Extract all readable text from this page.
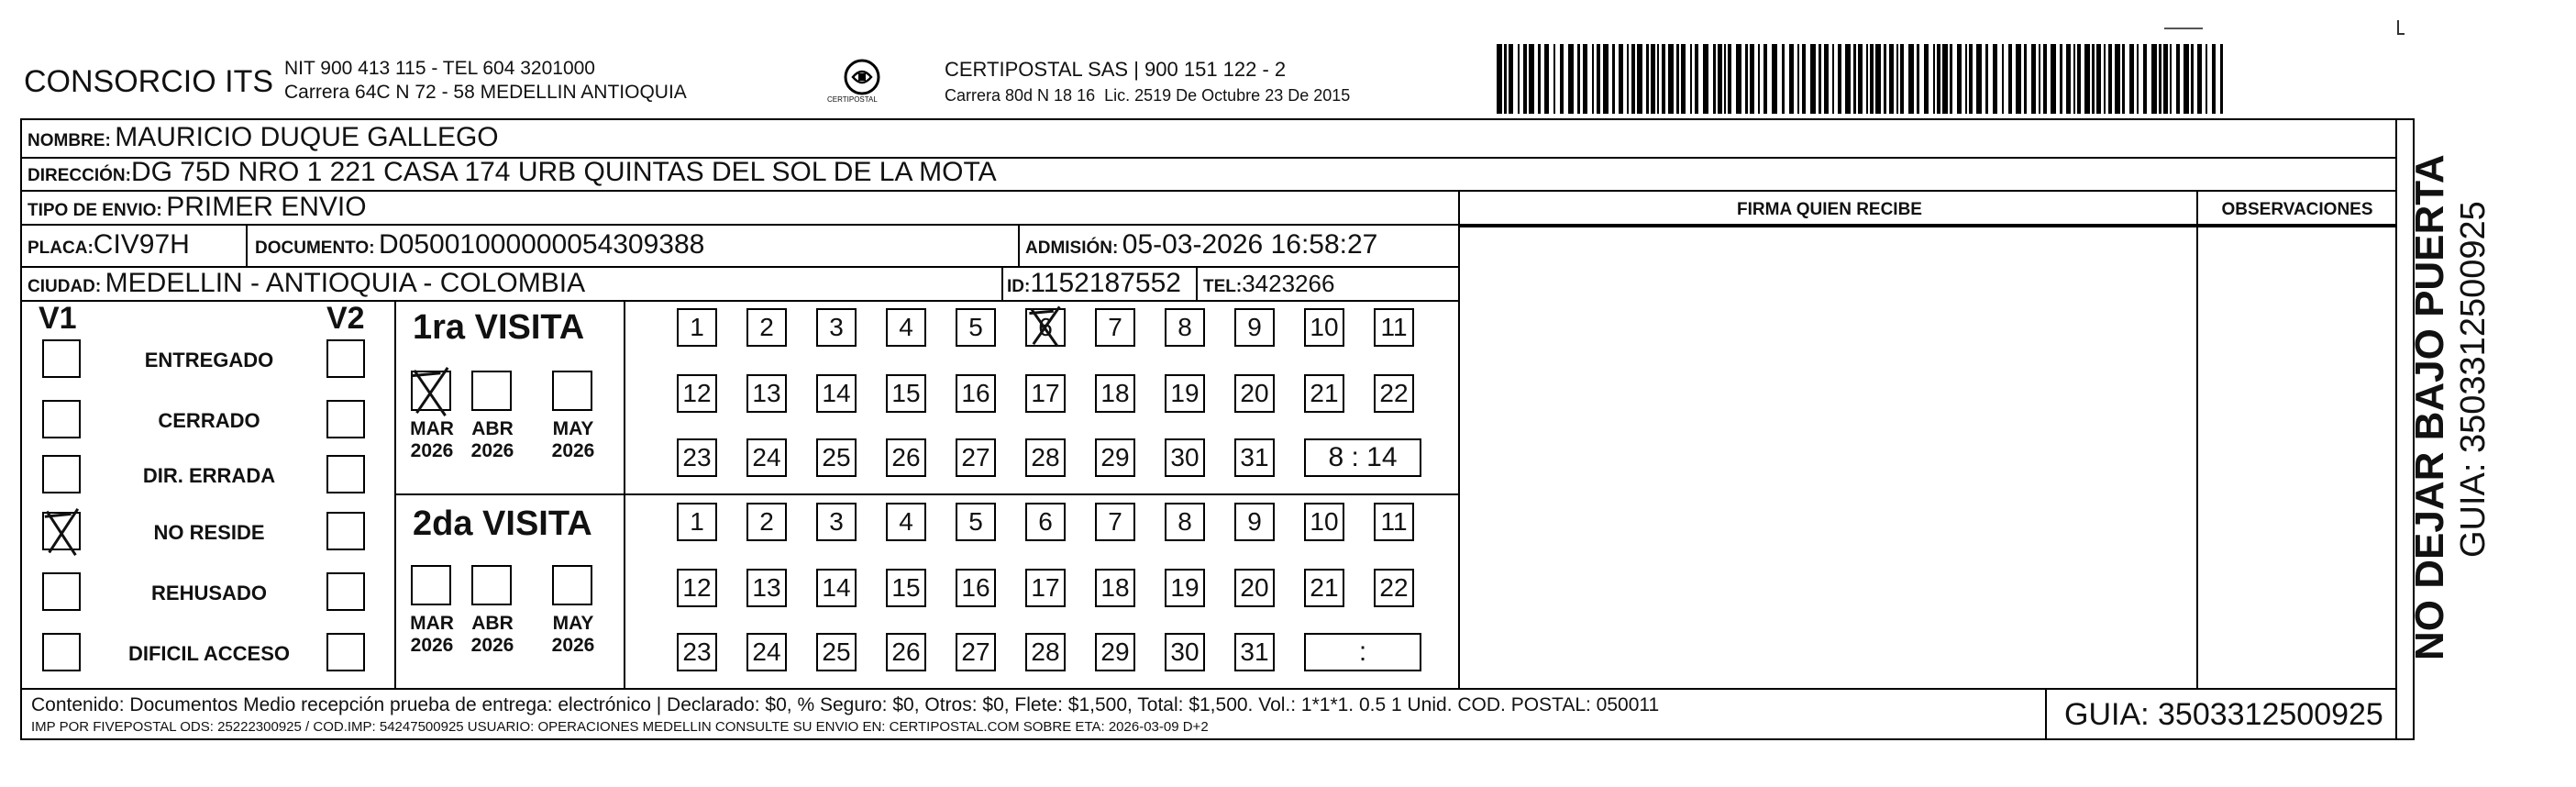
CONSORCIO ITS NIT 900 413 115 - TEL 604 3201000
Carrera 64C N 72 - 58 MEDELLIN ANTIOQUIA	CERTIPOSTAL
CERTIPOSTAL SAS | 900 151 122 - 2
Carrera 80d N 18 16  Lic. 2519 De Octubre 23 De 2015
NOMBRE: MAURICIO DUQUE GALLEGO
DIRECCIÓN:DG 75D NRO 1 221 CASA 174 URB QUINTAS DEL SOL DE LA MOTA
TIPO DE ENVIO: PRIMER ENVIO	FIRMA QUIEN RECIBE	OBSERVACIONES
PLACA:CIV97H	DOCUMENTO: D05001000000054309388	ADMISIÓN: 05-03-2026 16:58:27
CIUDAD: MEDELLIN - ANTIOQUIA - COLOMBIA	ID:1152187552 TEL:3423266
V1	V2
ENTREGADO
CERRADO
DIR. ERRADA
NO RESIDE
REHUSADO
DIFICIL ACCESO
1ra VISITA
MAR
2026
ABR
2026
MAY
2026
1	2	3	4	5	6	7	8	9	10 11
12 13 14 15 16 17 18 19 20 21 22
23 24 25 26 27 28 29 30 31	8 : 14
2da VISITA
MAR
2026
ABR
2026
MAY
2026
1	2	3	4	5	6	7	8	9	10 11
12 13 14 15 16 17 18 19 20 21 22
23 24 25 26 27 28 29 30 31	:
Contenido: Documentos Medio recepción prueba de entrega: electrónico | Declarado: $0, % Seguro: $0, Otros: $0, Flete: $1,500, Total: $1,500. Vol.: 1*1*1. 0.5 1 Unid. COD. POSTAL: 050011
IMP POR FIVEPOSTAL ODS: 25222300925 / COD.IMP: 54247500925 USUARIO: OPERACIONES MEDELLIN CONSULTE SU ENVIO EN: CERTIPOSTAL.COM SOBRE ETA: 2026-03-09 D+2	GUIA: 3503312500925
NO DEJAR BAJO PUERTA GUIA: 3503312500925
